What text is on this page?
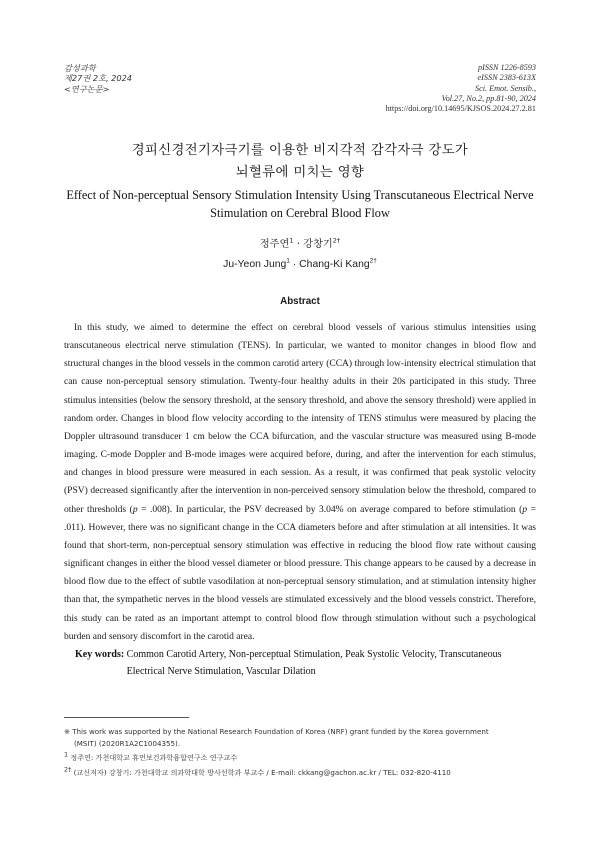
감성과학
제27권 2호, 2024
<연구논문>
pISSN 1226-8593
eISSN 2383-613X
Sci. Emot. Sensib.,
Vol.27, No.2, pp.81-90, 2024
https://doi.org/10.14695/KJSOS.2024.27.2.81
경피신경전기자극기를 이용한 비지각적 감각자극 강도가
뇌혈류에 미치는 영향
Effect of Non-perceptual Sensory Stimulation Intensity Using Transcutaneous Electrical Nerve
Stimulation on Cerebral Blood Flow
정주연$^1$ · 강창기$^{2\dagger}$
Ju-Yeon Jung$^1$ · Chang-Ki Kang$^{2\dagger}$
Abstract

In this study, we aimed to determine the effect on cerebral blood vessels of various stimulus intensities using transcutaneous electrical nerve stimulation (TENS). In particular, we wanted to monitor changes in blood flow and structural changes in the blood vessels in the common carotid artery (CCA) through low-intensity electrical stimulation that can cause non-perceptual sensory stimulation. Twenty-four healthy adults in their 20s participated in this study. Three stimulus intensities (below the sensory threshold, at the sensory threshold, and above the sensory threshold) were applied in random order. Changes in blood flow velocity according to the intensity of TENS stimulus were measured by placing the Doppler ultrasound transducer 1 cm below the CCA bifurcation, and the vascular structure was measured using B-mode imaging. C-mode Doppler and B-mode images were acquired before, during, and after the intervention for each stimulus, and changes in blood pressure were measured in each session. As a result, it was confirmed that peak systolic velocity (PSV) decreased significantly after the intervention in non-perceived sensory stimulation below the threshold, compared to other thresholds (p = .008). In particular, the PSV decreased by 3.04% on average compared to before stimulation (p = .011). However, there was no significant change in the CCA diameters before and after stimulation at all intensities. It was found that short-term, non-perceptual sensory stimulation was effective in reducing the blood flow rate without causing significant changes in either the blood vessel diameter or blood pressure. This change appears to be caused by a decrease in blood flow due to the effect of subtle vasodilation at non-perceptual sensory stimulation, and at stimulation intensity higher than that, the sympathetic nerves in the blood vessels are stimulated excessively and the blood vessels constrict. Therefore, this study can be rated as an important attempt to control blood flow through stimulation without such a psychological burden and sensory discomfort in the carotid area.

Key words: Common Carotid Artery, Non-perceptual Stimulation, Peak Systolic Velocity, Transcutaneous Electrical Nerve Stimulation, Vascular Dilation
※ This work was supported by the National Research Foundation of Korea (NRF) grant funded by the Korea government
(MSIT) (2020R1A2C1004355).
$^1$ 정주연: 가천대학교 휴먼보건과학융합연구소 연구교수
$^{2\dagger}$ (교신저자) 강창기: 가천대학교 의과학대학 방사선학과 부교수 / E-mail: ckkang@gachon.ac.kr / TEL: 032-820-4110
